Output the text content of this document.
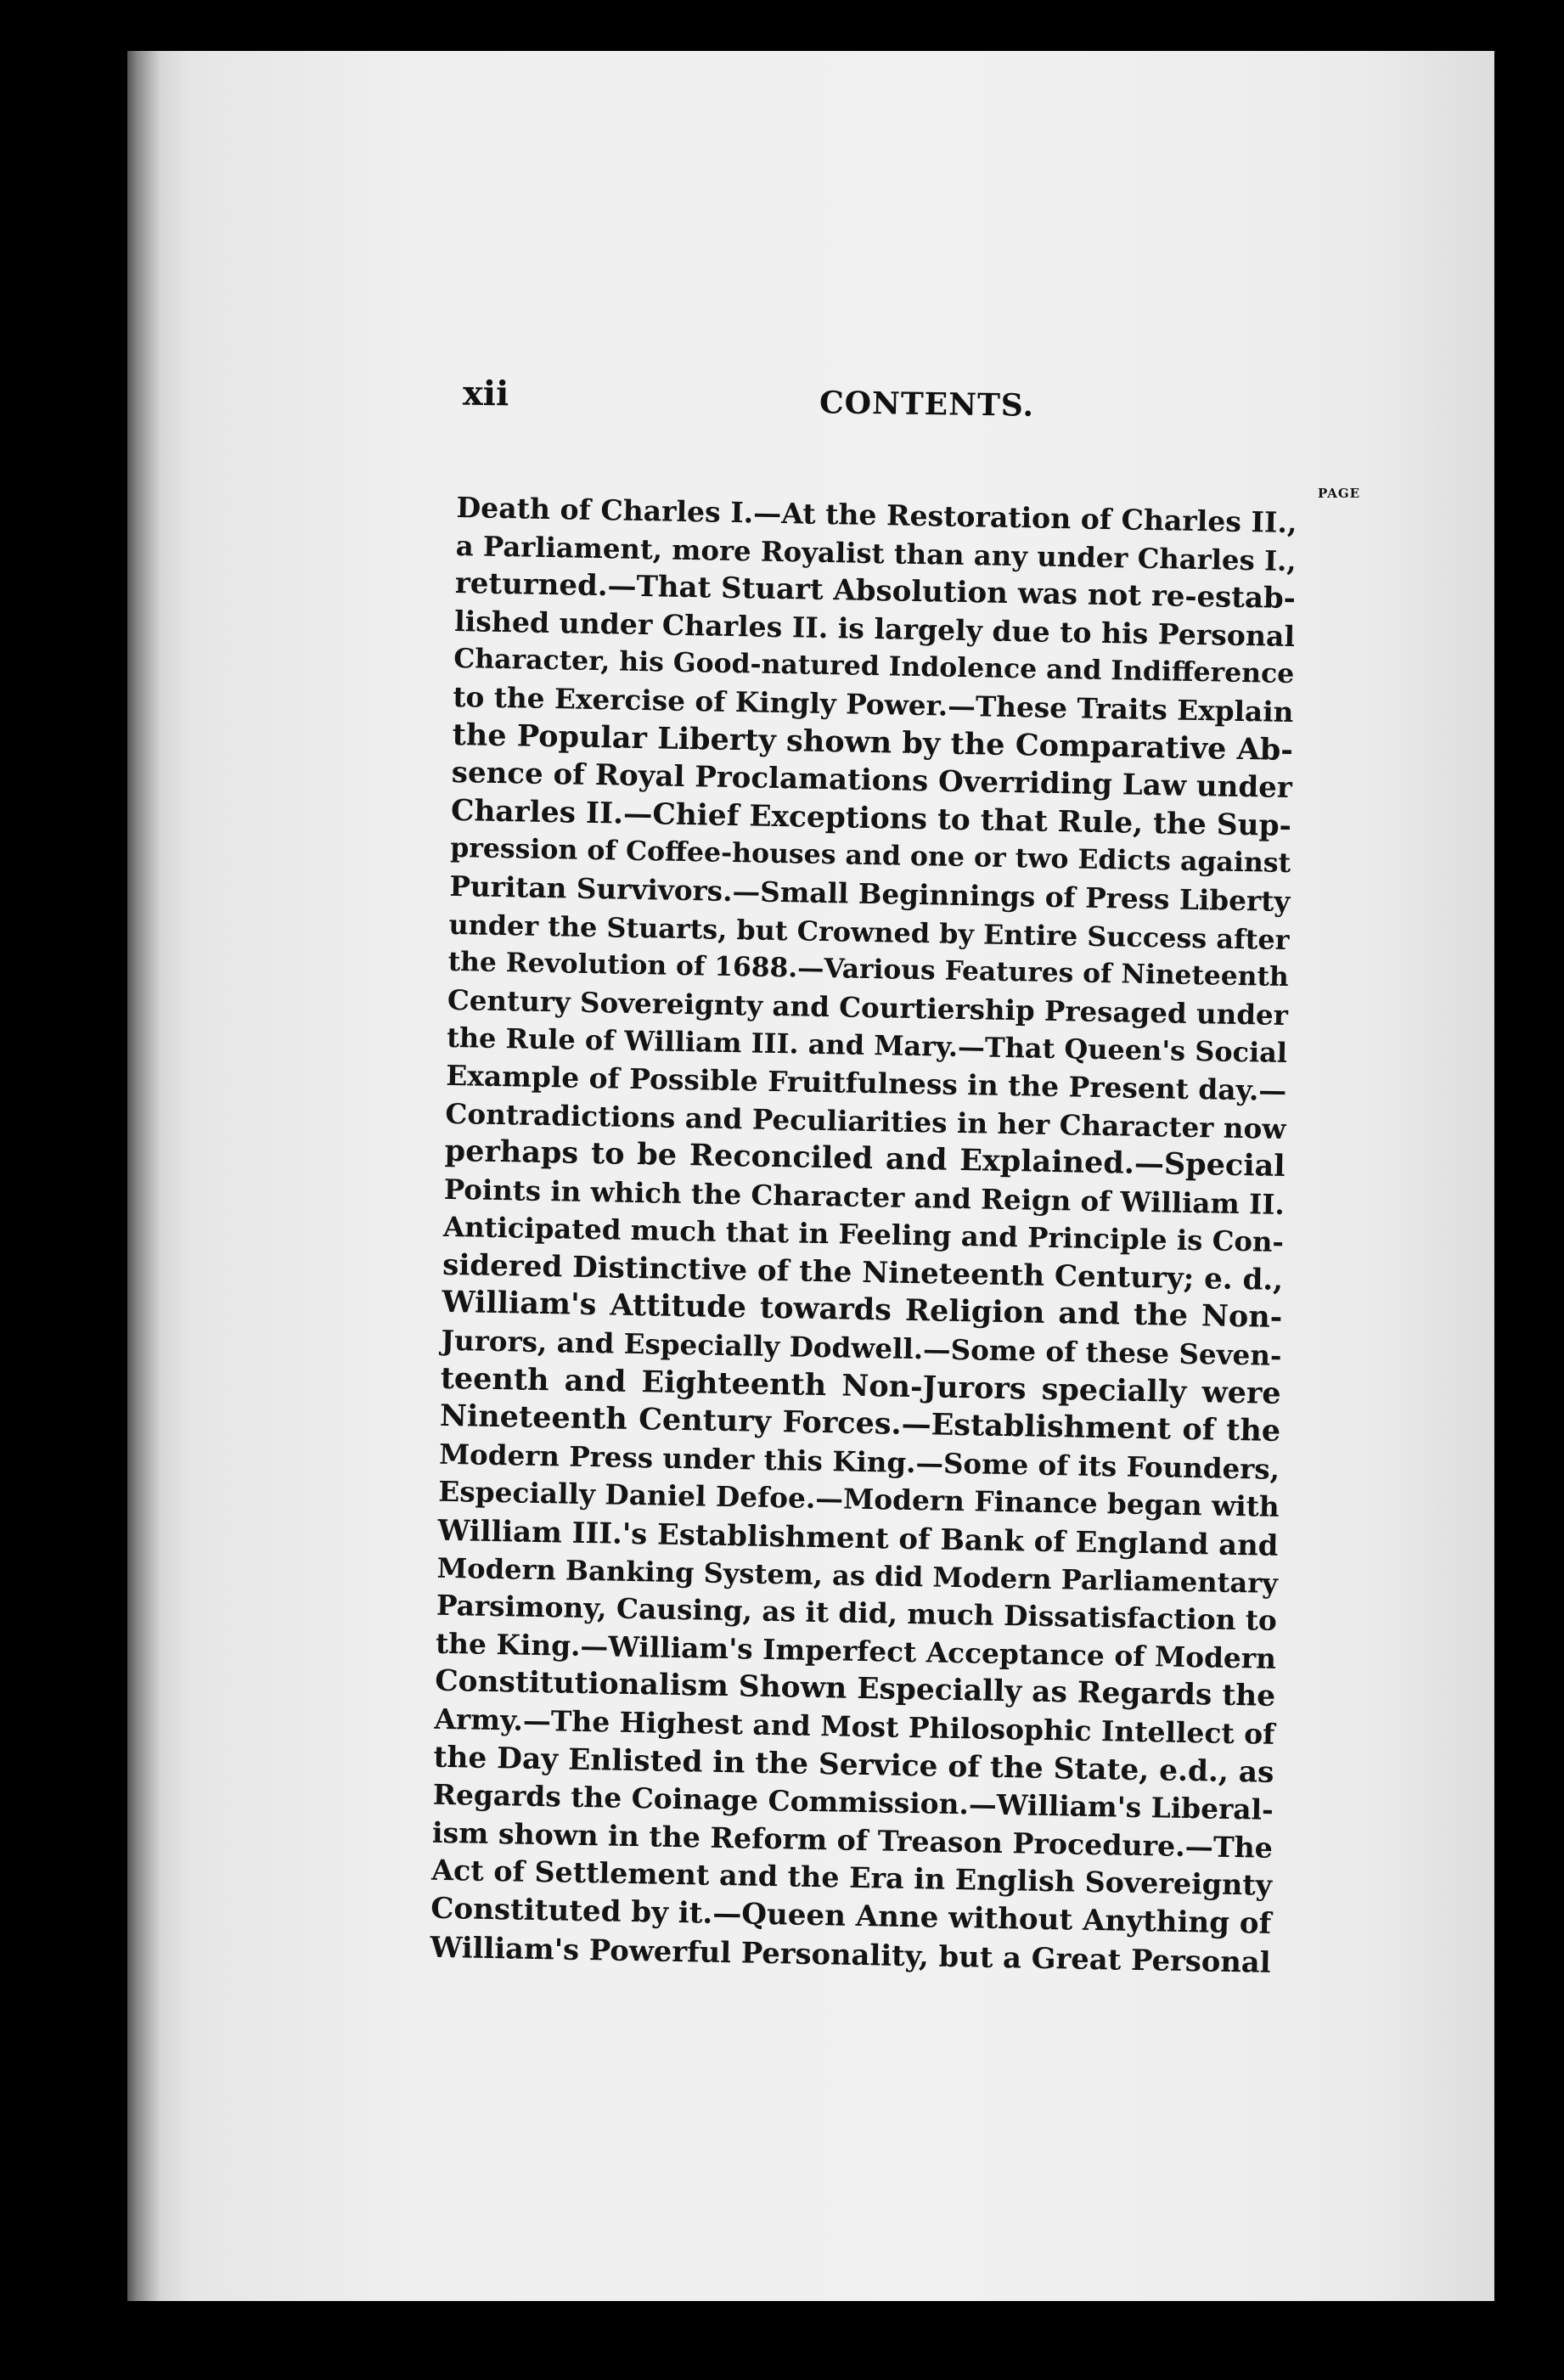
xii	CONTENTS.
PAGE
Death of Charles I.—At the Restoration of Charles II.,
a Parliament, more Royalist than any under Charles I.,
returned.—That Stuart Absolution was not re-estab-
lished under Charles II. is largely due to his Personal
Character, his Good-natured Indolence and Indifference
to the Exercise of Kingly Power.—These Traits Explain
the Popular Liberty shown by the Comparative Ab-
sence of Royal Proclamations Overriding Law under
Charles II.—Chief Exceptions to that Rule, the Sup-
pression of Coffee-houses and one or two Edicts against
Puritan Survivors.—Small Beginnings of Press Liberty
under the Stuarts, but Crowned by Entire Success after
the Revolution of 1688.—Various Features of Nineteenth
Century Sovereignty and Courtiership Presaged under
the Rule of William III. and Mary.—That Queen's Social
Example of Possible Fruitfulness in the Present day.—
Contradictions and Peculiarities in her Character now
perhaps to be Reconciled and Explained.—Special
Points in which the Character and Reign of William II.
Anticipated much that in Feeling and Principle is Con-
sidered Distinctive of the Nineteenth Century; e. d.,
William's Attitude towards Religion and the Non-
Jurors, and Especially Dodwell.—Some of these Seven-
teenth and Eighteenth Non-Jurors specially were
Nineteenth Century Forces.—Establishment of the
Modern Press under this King.—Some of its Founders,
Especially Daniel Defoe.—Modern Finance began with
William III.'s Establishment of Bank of England and
Modern Banking System, as did Modern Parliamentary
Parsimony, Causing, as it did, much Dissatisfaction to
the King.—William's Imperfect Acceptance of Modern
Constitutionalism Shown Especially as Regards the
Army.—The Highest and Most Philosophic Intellect of
the Day Enlisted in the Service of the State, e.d., as
Regards the Coinage Commission.—William's Liberal-
ism shown in the Reform of Treason Procedure.—The
Act of Settlement and the Era in English Sovereignty
Constituted by it.—Queen Anne without Anything of
William's Powerful Personality, but a Great Personal
